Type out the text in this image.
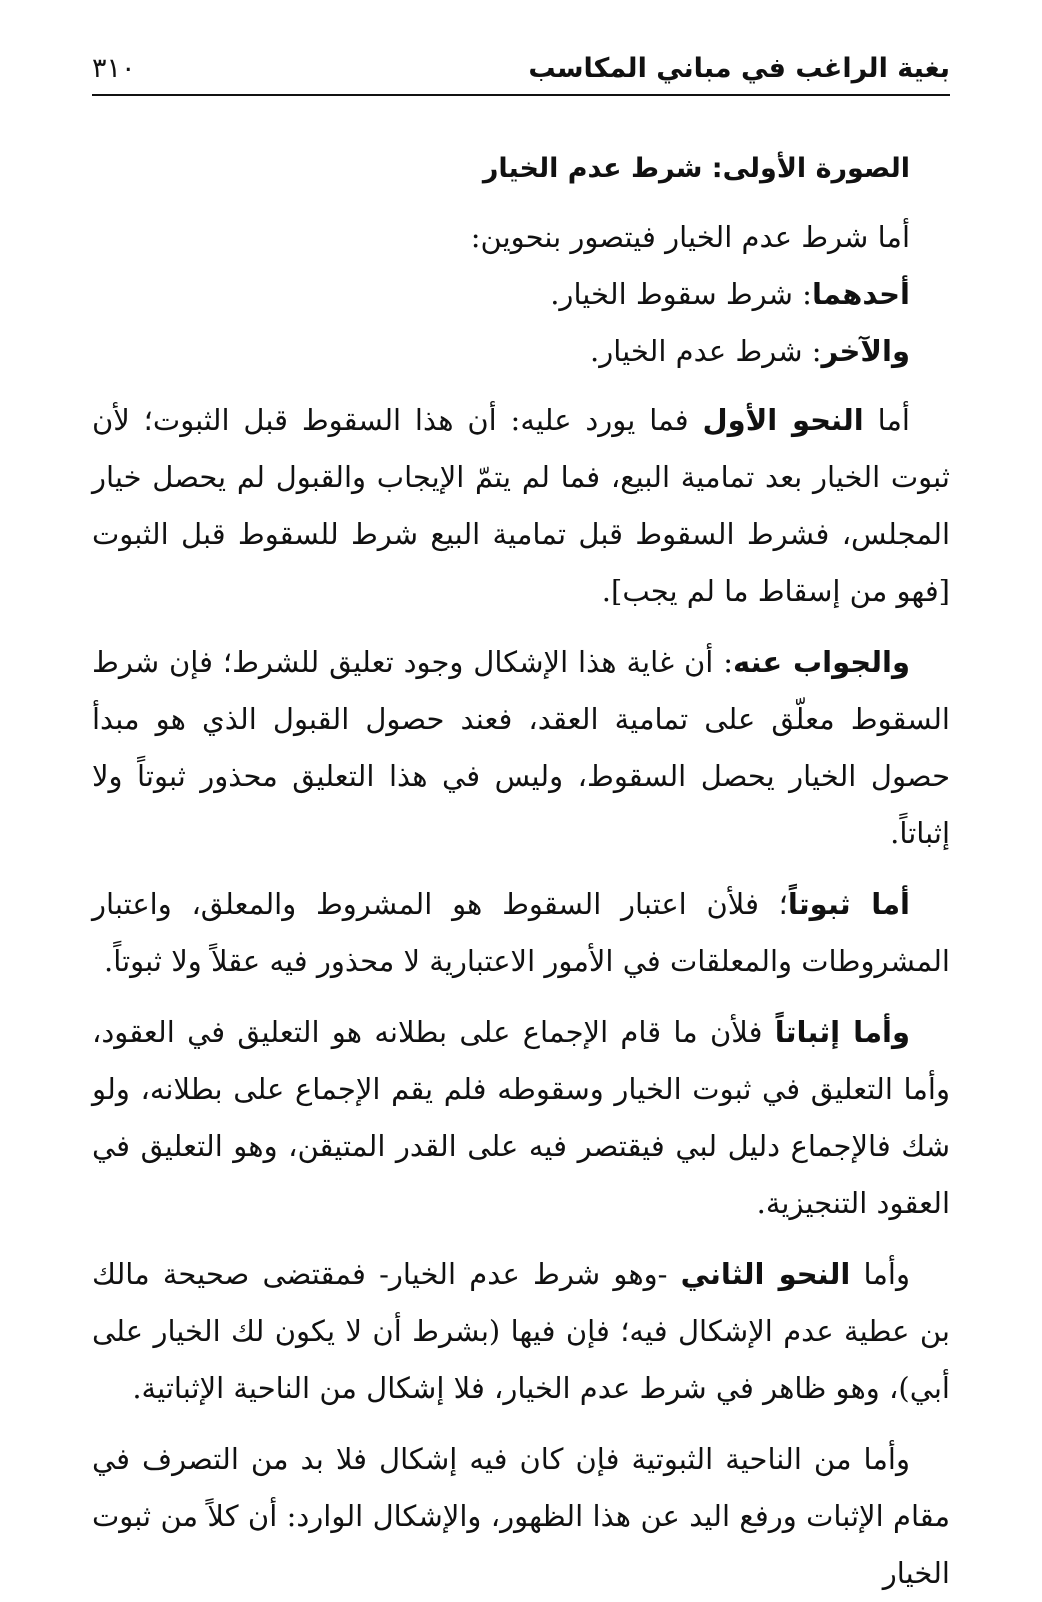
بغية الراغب في مباني المكاسب
٣١٠

الصورة الأولى: شرط عدم الخيار

أما شرط عدم الخيار فيتصور بنحوين:

أحدهما: شرط سقوط الخيار.

والآخر: شرط عدم الخيار.

أما النحو الأول فما يورد عليه: أن هذا السقوط قبل الثبوت؛ لأن ثبوت الخيار بعد تمامية البيع، فما لم يتمّ الإيجاب والقبول لم يحصل خيار المجلس، فشرط السقوط قبل تمامية البيع شرط للسقوط قبل الثبوت [فهو من إسقاط ما لم يجب].

والجواب عنه: أن غاية هذا الإشكال وجود تعليق للشرط؛ فإن شرط السقوط معلّق على تمامية العقد، فعند حصول القبول الذي هو مبدأ حصول الخيار يحصل السقوط، وليس في هذا التعليق محذور ثبوتاً ولا إثباتاً.

أما ثبوتاً؛ فلأن اعتبار السقوط هو المشروط والمعلق، واعتبار المشروطات والمعلقات في الأمور الاعتبارية لا محذور فيه عقلاً ولا ثبوتاً.

وأما إثباتاً فلأن ما قام الإجماع على بطلانه هو التعليق في العقود، وأما التعليق في ثبوت الخيار وسقوطه فلم يقم الإجماع على بطلانه، ولو شك فالإجماع دليل لبي فيقتصر فيه على القدر المتيقن، وهو التعليق في العقود التنجيزية.

وأما النحو الثاني -وهو شرط عدم الخيار- فمقتضى صحيحة مالك بن عطية عدم الإشكال فيه؛ فإن فيها (بشرط أن لا يكون لك الخيار على أبي)، وهو ظاهر في شرط عدم الخيار، فلا إشكال من الناحية الإثباتية.

وأما من الناحية الثبوتية فإن كان فيه إشكال فلا بد من التصرف في مقام الإثبات ورفع اليد عن هذا الظهور، والإشكال الوارد: أن كلاً من ثبوت الخيار
